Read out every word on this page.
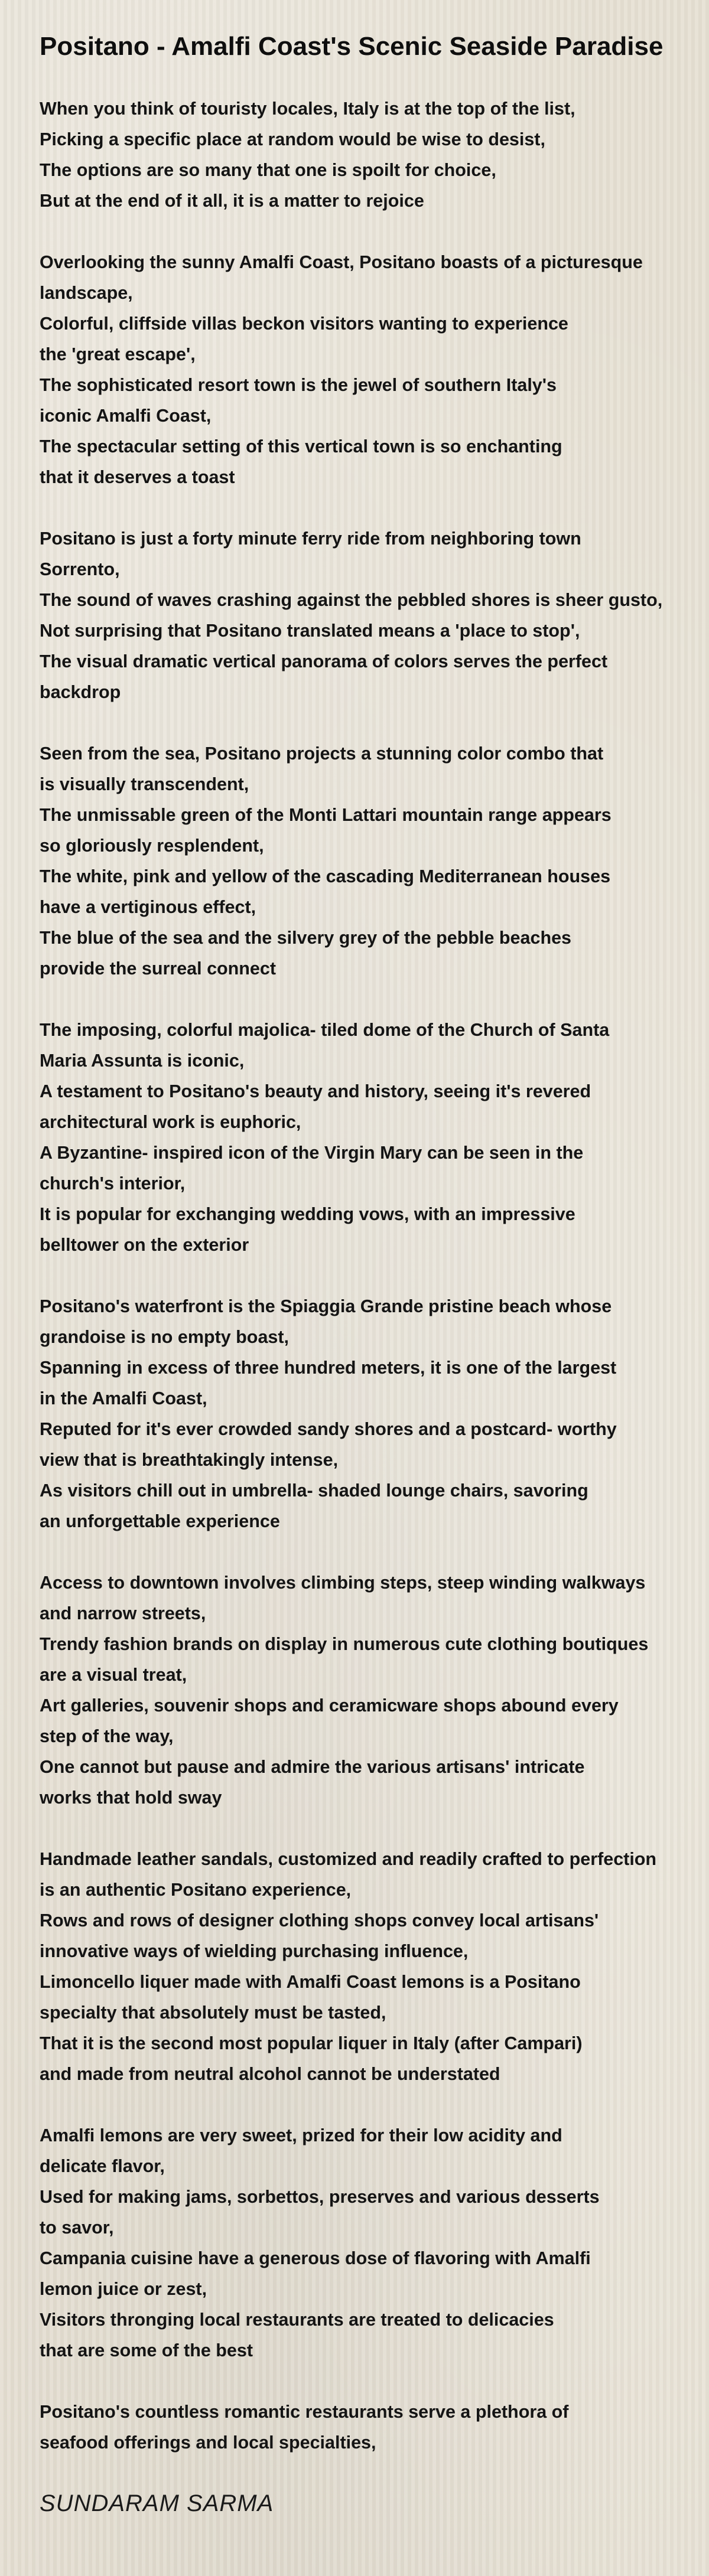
Positano - Amalfi Coast's Scenic Seaside Paradise
When you think of touristy locales, Italy is at the top of the list,
Picking a specific place at random would be wise to desist,
The options are so many that one is spoilt for choice,
But at the end of it all, it is a matter to rejoice
Overlooking the sunny Amalfi Coast, Positano boasts of a picturesque
landscape,
Colorful, cliffside villas beckon visitors wanting to experience
the 'great escape',
The sophisticated resort town is the jewel of southern Italy's
iconic Amalfi Coast,
The spectacular setting of this vertical town is so enchanting
that it deserves a toast
Positano is just a forty minute ferry ride from neighboring town
Sorrento,
The sound of waves crashing against the pebbled shores is sheer gusto,
Not surprising that Positano translated means a 'place to stop',
The visual dramatic vertical panorama of colors serves the perfect
backdrop
Seen from the sea, Positano projects a stunning color combo that
is visually transcendent,
The unmissable green of the Monti Lattari mountain range appears
so gloriously resplendent,
The white, pink and yellow of the cascading Mediterranean houses
have a vertiginous effect,
The blue of the sea and the silvery grey of the pebble beaches
provide the surreal connect
The imposing, colorful majolica- tiled dome of the Church of Santa
Maria Assunta is iconic,
A testament to Positano's beauty and history, seeing it's revered
architectural work is euphoric,
A Byzantine- inspired icon of the Virgin Mary can be seen in the
church's interior,
It is popular for exchanging wedding vows, with an impressive
belltower on the exterior
Positano's waterfront is the Spiaggia Grande pristine beach whose
grandoise is no empty boast,
Spanning in excess of three hundred meters, it is one of the largest
in the Amalfi Coast,
Reputed for it's ever crowded sandy shores and a postcard- worthy
view that is breathtakingly intense,
As visitors chill out in umbrella- shaded lounge chairs, savoring
an unforgettable experience
Access to downtown involves climbing steps, steep winding walkways
and narrow streets,
Trendy fashion brands on display in numerous cute clothing boutiques
are a visual treat,
Art galleries, souvenir shops and ceramicware shops abound every
step of the way,
One cannot but pause and admire the various artisans' intricate
works that hold sway
Handmade leather sandals, customized and readily crafted to perfection
is an authentic Positano experience,
Rows and rows of designer clothing shops convey local artisans'
innovative ways of wielding purchasing influence,
Limoncello liquer made with Amalfi Coast lemons is a Positano
specialty that absolutely must be tasted,
That it is the second most popular liquer in Italy (after Campari)
and made from neutral alcohol cannot be understated
Amalfi lemons are very sweet, prized for their low acidity and
delicate flavor,
Used for making jams, sorbettos, preserves and various desserts
to savor,
Campania cuisine have a generous dose of flavoring with Amalfi
lemon juice or zest,
Visitors thronging local restaurants are treated to delicacies
that are some of the best
Positano's countless romantic restaurants serve a plethora of
seafood offerings and local specialties,

SUNDARAM SARMA
